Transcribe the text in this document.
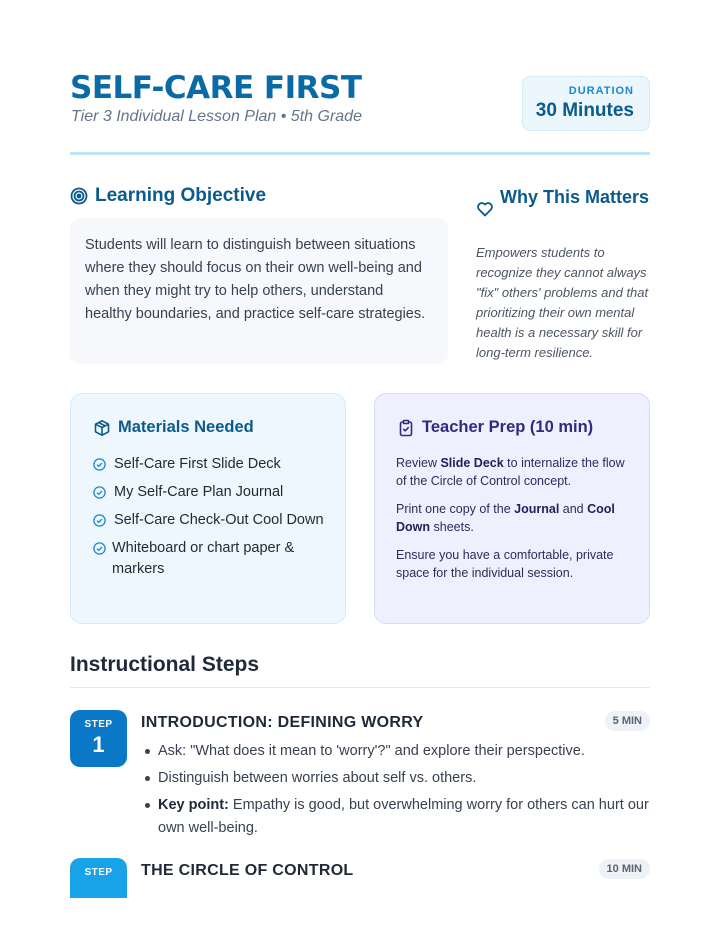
SELF-CARE FIRST
Tier 3 Individual Lesson Plan • 5th Grade
DURATION
30 Minutes
Learning Objective
Students will learn to distinguish between situations where they should focus on their own well-being and when they might try to help others, understand healthy boundaries, and practice self-care strategies.
Why This Matters
Empowers students to recognize they cannot always "fix" others' problems and that prioritizing their own mental health is a necessary skill for long-term resilience.
Materials Needed
Self-Care First Slide Deck
My Self-Care Plan Journal
Self-Care Check-Out Cool Down
Whiteboard or chart paper & markers
Teacher Prep (10 min)
Review Slide Deck to internalize the flow of the Circle of Control concept.
Print one copy of the Journal and Cool Down sheets.
Ensure you have a comfortable, private space for the individual session.
Instructional Steps
STEP
1
INTRODUCTION: DEFINING WORRY	5 MIN
Ask: "What does it mean to 'worry'?" and explore their perspective.
Distinguish between worries about self vs. others.
Key point: Empathy is good, but overwhelming worry for others can hurt our own well-being.
STEP	THE CIRCLE OF CONTROL	10 MIN
